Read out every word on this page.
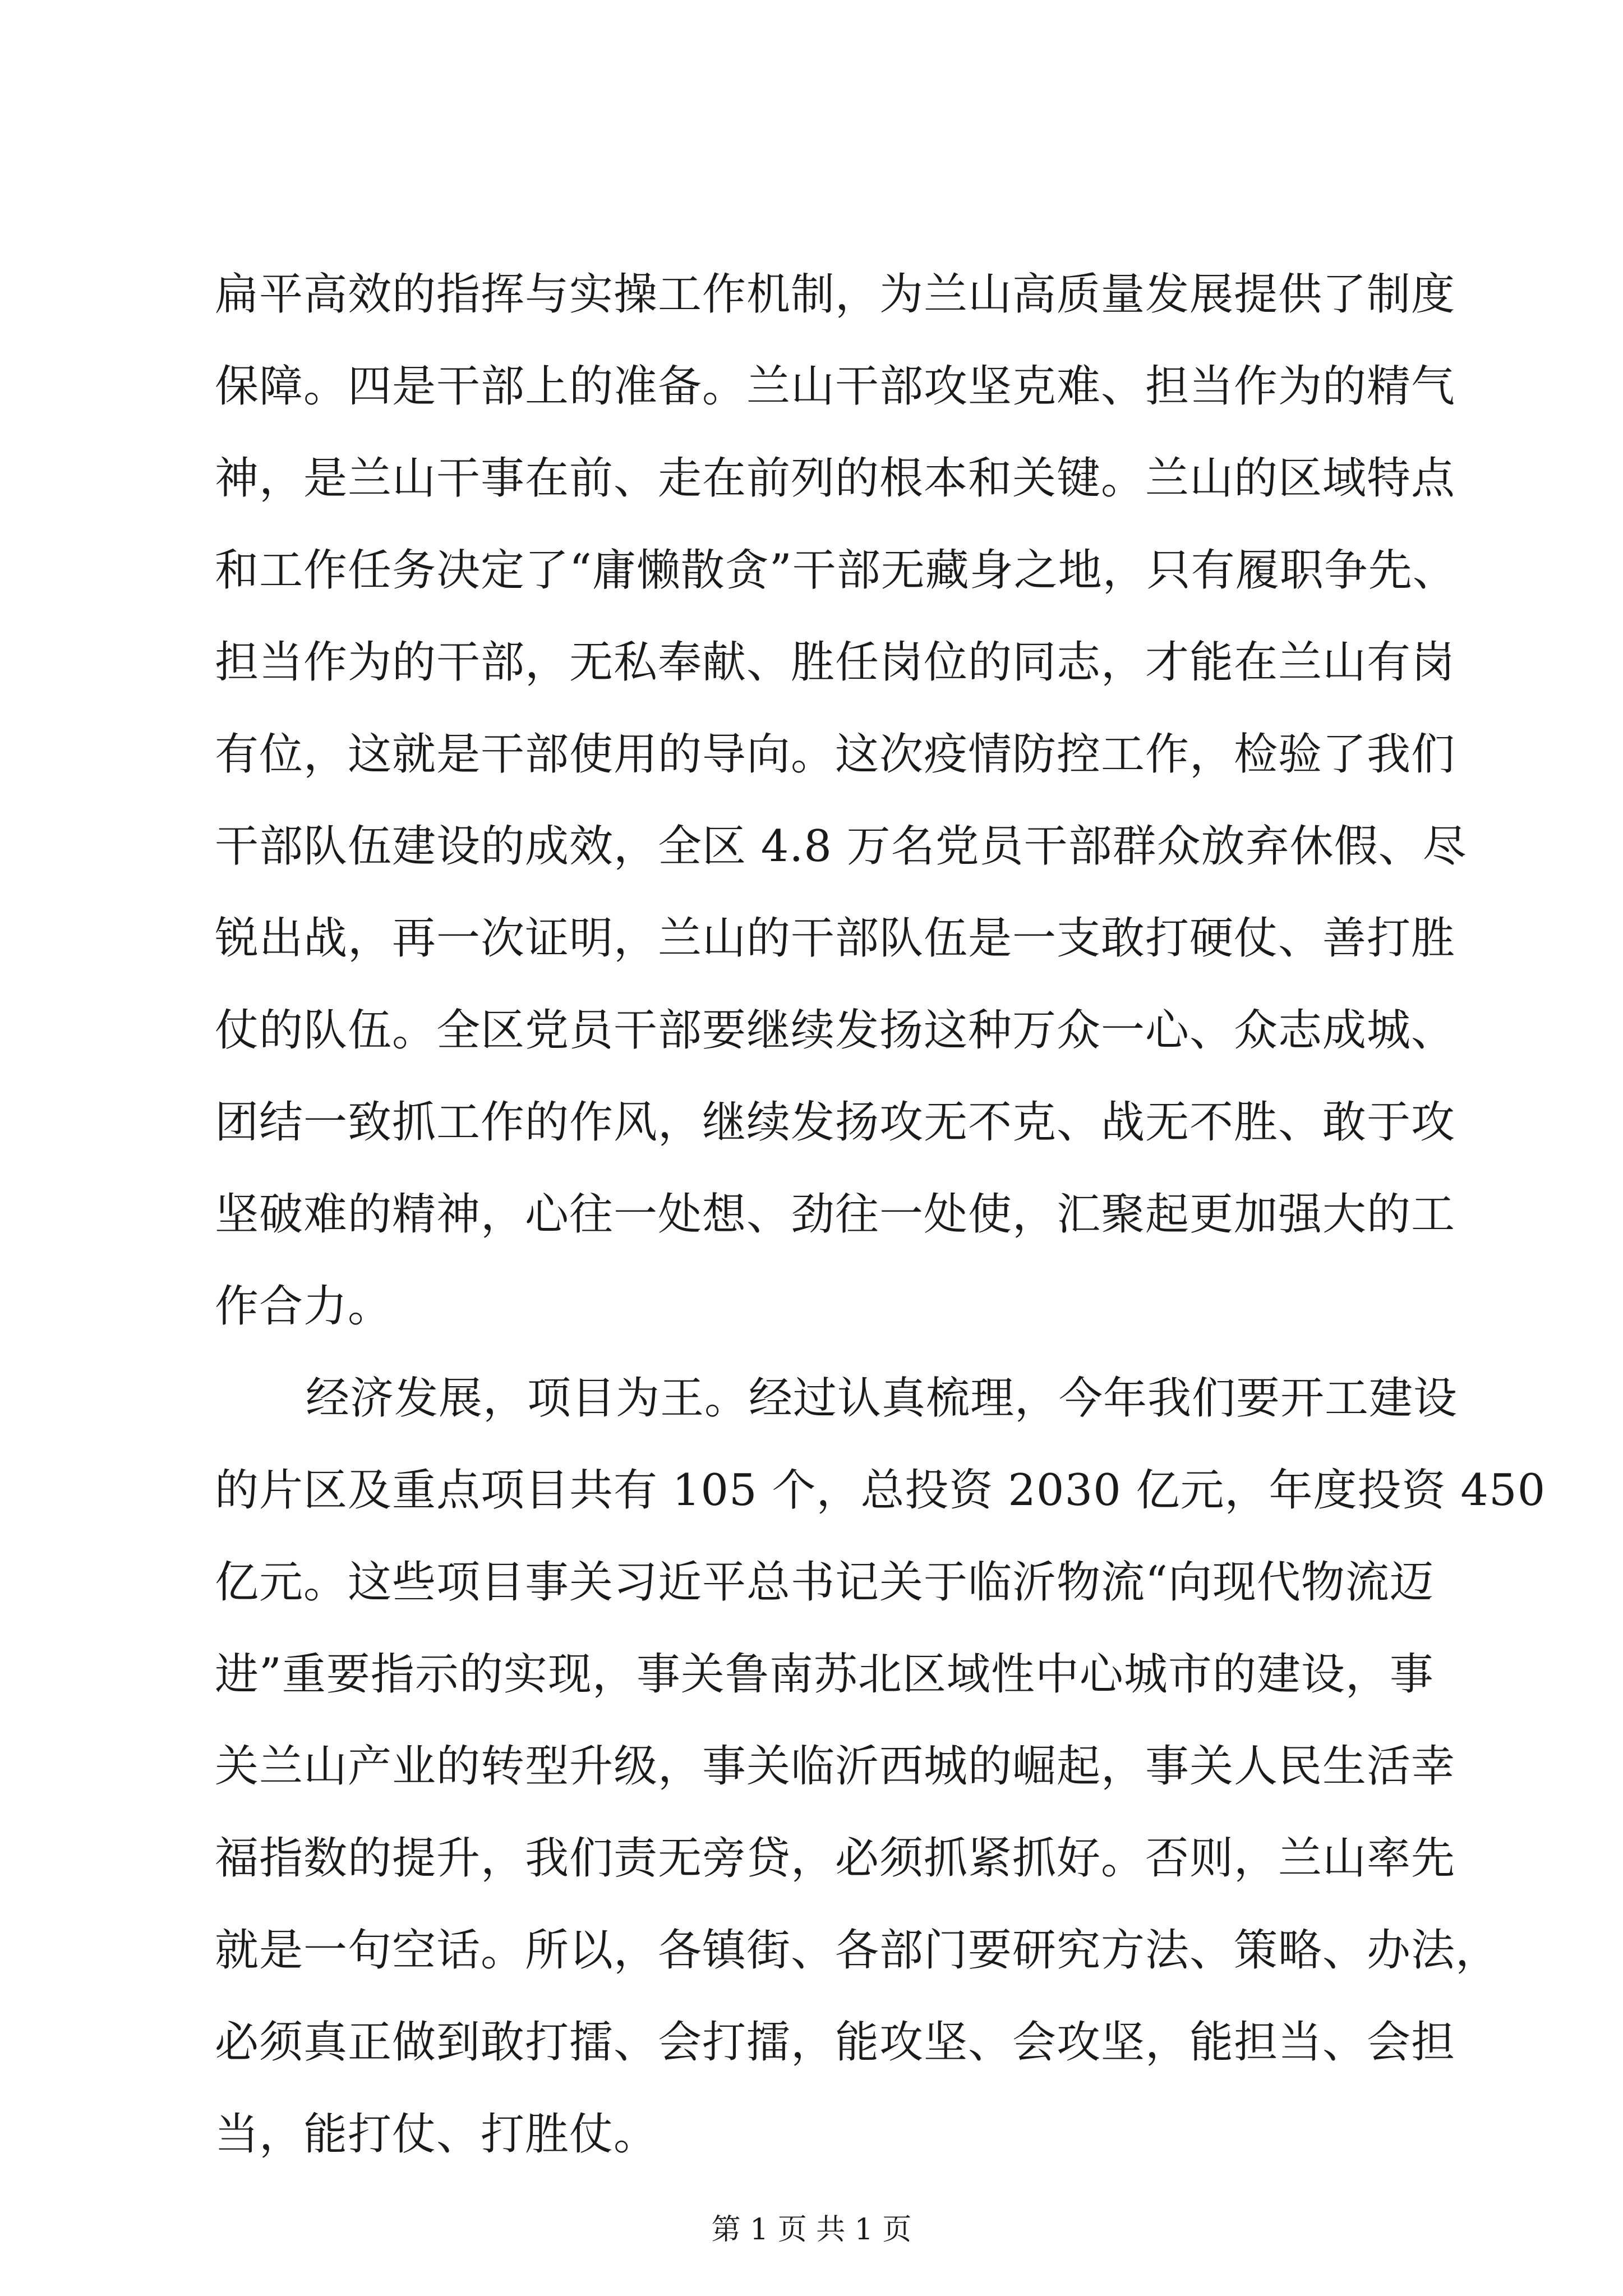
扁平高效的指挥与实操工作机制，为兰山高质量发展提供了制度
保障。四是干部上的准备。兰山干部攻坚克难、担当作为的精气
神，是兰山干事在前、走在前列的根本和关键。兰山的区域特点
和工作任务决定了“庸懒散贪”干部无藏身之地，只有履职争先、
担当作为的干部，无私奉献、胜任岗位的同志，才能在兰山有岗
有位，这就是干部使用的导向。这次疫情防控工作，检验了我们
干部队伍建设的成效，全区 4.8 万名党员干部群众放弃休假、尽
锐出战，再一次证明，兰山的干部队伍是一支敢打硬仗、善打胜
仗的队伍。全区党员干部要继续发扬这种万众一心、众志成城、
团结一致抓工作的作风，继续发扬攻无不克、战无不胜、敢于攻
坚破难的精神，心往一处想、劲往一处使，汇聚起更加强大的工
作合力。
经济发展，项目为王。经过认真梳理，今年我们要开工建设
的片区及重点项目共有 105 个，总投资 2030 亿元，年度投资 450
亿元。这些项目事关习近平总书记关于临沂物流“向现代物流迈
进”重要指示的实现，事关鲁南苏北区域性中心城市的建设，事
关兰山产业的转型升级，事关临沂西城的崛起，事关人民生活幸
福指数的提升，我们责无旁贷，必须抓紧抓好。否则，兰山率先
就是一句空话。所以，各镇街、各部门要研究方法、策略、办法，
必须真正做到敢打擂、会打擂，能攻坚、会攻坚，能担当、会担
当，能打仗、打胜仗。
第 1 页 共 1 页
